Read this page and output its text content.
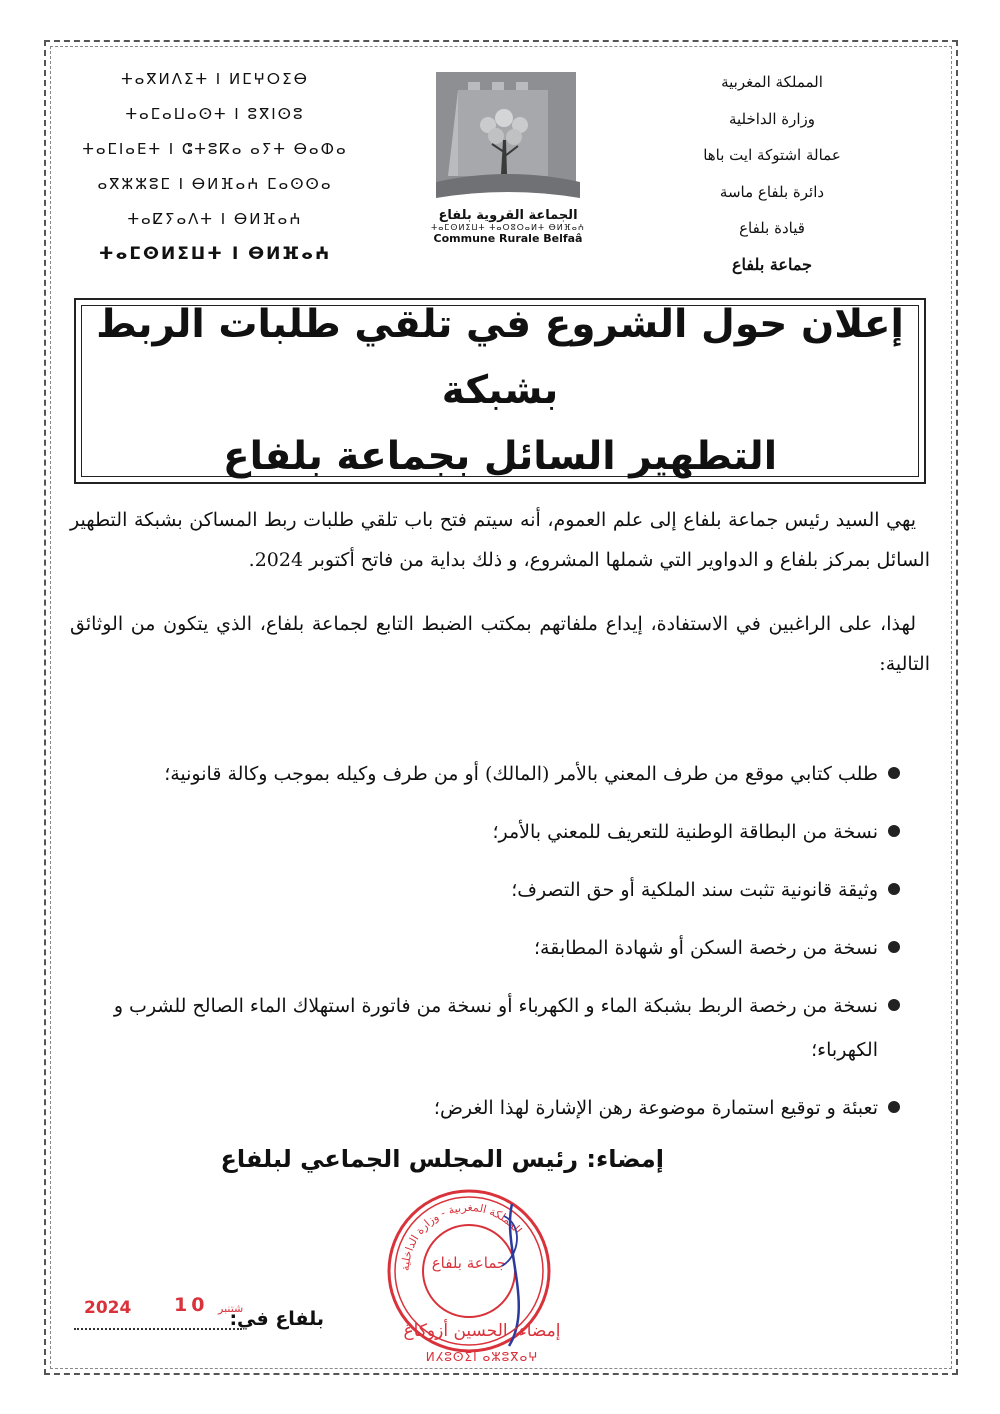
المملكة المغربية
وزارة الداخلية
عمالة اشتوكة ايت باها
دائرة بلفاع ماسة
قيادة بلفاع
جماعة بلفاع
ⵜⴰⴳⵍⴷⵉⵜ ⵏ ⵍⵎⵖⵔⵉⴱ
ⵜⴰⵎⴰⵡⴰⵙⵜ ⵏ ⵓⴳⵏⵙⵓ
ⵜⴰⵎⵏⴰⴹⵜ ⵏ ⵛⵜⵓⴽⴰ ⴰⵢⵜ ⴱⴰⵀⴰ
ⴰⴳⵣⵣⵓⵎ ⵏ ⴱⵍⴼⴰⵄ ⵎⴰⵙⵙⴰ
ⵜⴰⵇⵢⴰⴷⵜ ⵏ ⴱⵍⴼⴰⵄ
ⵜⴰⵎⵙⵍⵉⵡⵜ ⵏ ⴱⵍⴼⴰⵄ
الجماعة القروية بلفاع
ⵜⴰⵎⵙⵍⵉⵡⵜ ⵜⴰⵔⵓⵔⴰⵍⵜ ⴱⵍⴼⴰⵄ
Commune Rurale Belfaâ
إعلان حول الشروع في تلقي طلبات الربط بشبكة
التطهير السائل بجماعة بلفاع

يهي السيد رئيس جماعة بلفاع إلى علم العموم، أنه سيتم فتح باب تلقي طلبات ربط المساكن بشبكة التطهير السائل بمركز بلفاع و الدواوير التي شملها المشروع، و ذلك بداية من فاتح أكتوبر 2024.

لهذا، على الراغبين في الاستفادة، إيداع ملفاتهم بمكتب الضبط التابع لجماعة بلفاع، الذي يتكون من الوثائق التالية:

طلب كتابي موقع من طرف المعني بالأمر (المالك) أو من طرف وكيله بموجب وكالة قانونية؛
نسخة من البطاقة الوطنية للتعريف للمعني بالأمر؛
وثيقة قانونية تثبت سند الملكية أو حق التصرف؛
نسخة من رخصة السكن أو شهادة المطابقة؛
نسخة من رخصة الربط بشبكة الماء و الكهرباء أو نسخة من فاتورة استهلاك الماء الصالح للشرب و الكهرباء؛
تعبئة و توقيع استمارة موضوعة رهن الإشارة لهذا الغرض؛
إمضاء: رئيس المجلس الجماعي لبلفاع
المملكة المغربية - وزارة الداخلية
جماعة بلفاع
إمضاء: الحسين أزوكاغ
ⵍⵃⵓⵙⵉⵏ ⴰⵣⵓⴳⴰⵖ
2024 10 شتنبر
بلفاع في:
